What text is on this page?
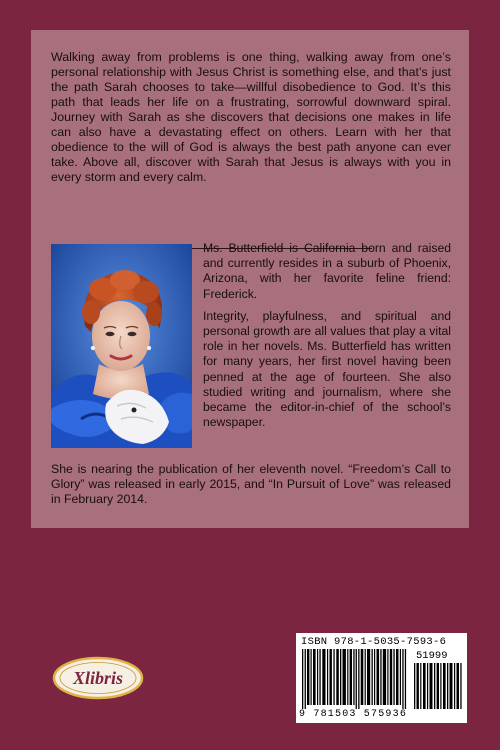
Walking away from problems is one thing, walking away from one’s personal relationship with Jesus Christ is something else, and that’s just the path Sarah chooses to take—willful disobedience to God. It’s this path that leads her life on a frustrating, sorrowful downward spiral. Journey with Sarah as she discovers that decisions one makes in life can also have a devastating effect on others. Learn with her that obedience to the will of God is always the best path anyone can ever take. Above all, discover with Sarah that Jesus is always with you in every storm and every calm.

Ms. Butterfield is California born and raised and currently resides in a suburb of Phoenix, Arizona, with her favorite feline friend: Frederick.

Integrity, playfulness, and spiritual and personal growth are all values that play a vital role in her novels. Ms. Butterfield has written for many years, her first novel having been penned at the age of fourteen. She also studied writing and journalism, where she became the editor-in-chief of the school’s newspaper.

She is nearing the publication of her eleventh novel. “Freedom’s Call to Glory” was released in early 2015, and “In Pursuit of Love” was released in February 2014.

Xlibris
ISBN 978-1-5035-7593-6
51999
9 781503 575936
